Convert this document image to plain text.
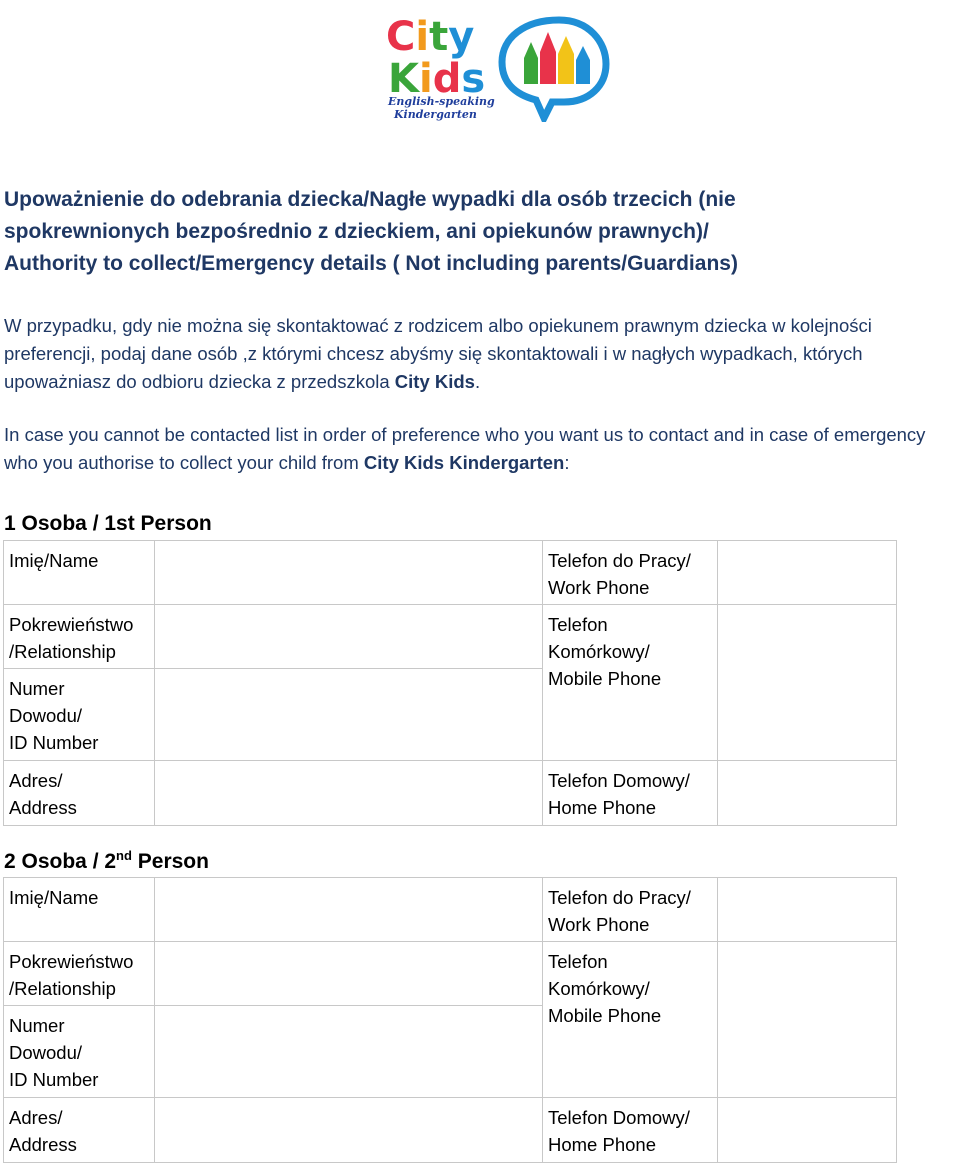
City
Kids
English-speaking
Kindergarten
Upoważnienie do odebrania dziecka/Nagłe wypadki dla osób trzecich (nie
spokrewnionych bezpośrednio z dzieckiem, ani opiekunów prawnych)/
Authority to collect/Emergency details ( Not including parents/Guardians)
W przypadku, gdy nie można się skontaktować z rodzicem albo opiekunem prawnym dziecka w kolejności preferencji, podaj dane osób ,z którymi chcesz abyśmy się skontaktowali i w nagłych wypadkach, których upoważniasz do odbioru dziecka z przedszkola City Kids.
In case you cannot be contacted list in order of preference who you want us to contact and in case of emergency who you authorise to collect your child from City Kids Kindergarten:
1 Osoba / 1st Person
Imię/Name	Telefon do Pracy/
Work Phone
Pokrewieństwo
/Relationship
Telefon
Komórkowy/
Mobile Phone
Numer
Dowodu/
ID Number
Adres/
Address
Telefon Domowy/
Home Phone
2 Osoba / 2nd Person
Imię/Name	Telefon do Pracy/
Work Phone
Pokrewieństwo
/Relationship
Telefon
Komórkowy/
Mobile Phone
Numer
Dowodu/
ID Number
Adres/
Address
Telefon Domowy/
Home Phone
